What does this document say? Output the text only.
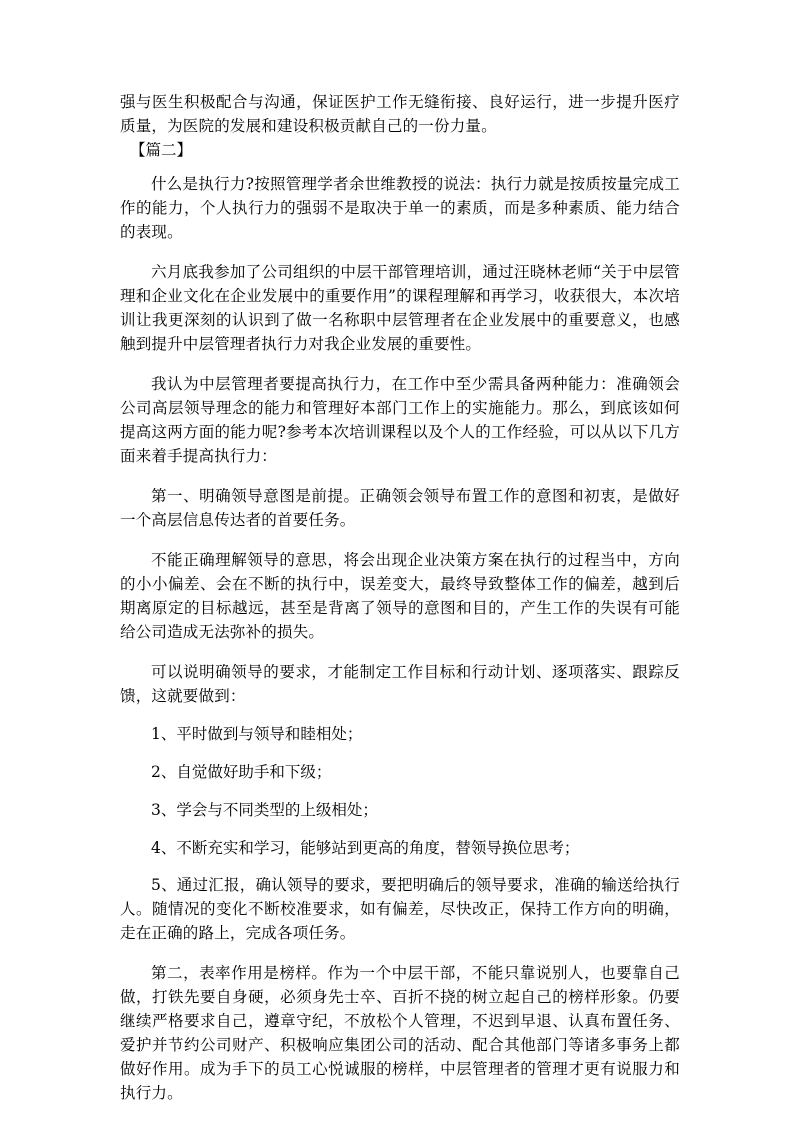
强与医生积极配合与沟通，保证医护工作无缝衔接、良好运行，进一步提升医疗质量，为医院的发展和建设积极贡献自己的一份力量。

【篇二】

什么是执行力?按照管理学者余世维教授的说法：执行力就是按质按量完成工作的能力，个人执行力的强弱不是取决于单一的素质，而是多种素质、能力结合的表现。

六月底我参加了公司组织的中层干部管理培训，通过汪晓林老师“关于中层管理和企业文化在企业发展中的重要作用”的课程理解和再学习，收获很大，本次培训让我更深刻的认识到了做一名称职中层管理者在企业发展中的重要意义，也感触到提升中层管理者执行力对我企业发展的重要性。

我认为中层管理者要提高执行力，在工作中至少需具备两种能力：准确领会公司高层领导理念的能力和管理好本部门工作上的实施能力。那么，到底该如何提高这两方面的能力呢?参考本次培训课程以及个人的工作经验，可以从以下几方面来着手提高执行力：

第一、明确领导意图是前提。正确领会领导布置工作的意图和初衷，是做好一个高层信息传达者的首要任务。

不能正确理解领导的意思，将会出现企业决策方案在执行的过程当中，方向的小小偏差、会在不断的执行中，误差变大，最终导致整体工作的偏差，越到后期离原定的目标越远，甚至是背离了领导的意图和目的，产生工作的失误有可能给公司造成无法弥补的损失。

可以说明确领导的要求，才能制定工作目标和行动计划、逐项落实、跟踪反馈，这就要做到：

1、平时做到与领导和睦相处；

2、自觉做好助手和下级；

3、学会与不同类型的上级相处；

4、不断充实和学习，能够站到更高的角度，替领导换位思考；

5、通过汇报，确认领导的要求，要把明确后的领导要求，准确的输送给执行人。随情况的变化不断校准要求，如有偏差，尽快改正，保持工作方向的明确，走在正确的路上，完成各项任务。

第二，表率作用是榜样。作为一个中层干部，不能只靠说别人，也要靠自己做，打铁先要自身硬，必须身先士卒、百折不挠的树立起自己的榜样形象。仍要继续严格要求自己，遵章守纪，不放松个人管理，不迟到早退、认真布置任务、爱护并节约公司财产、积极响应集团公司的活动、配合其他部门等诸多事务上都做好作用。成为手下的员工心悦诚服的榜样，中层管理者的管理才更有说服力和执行力。
